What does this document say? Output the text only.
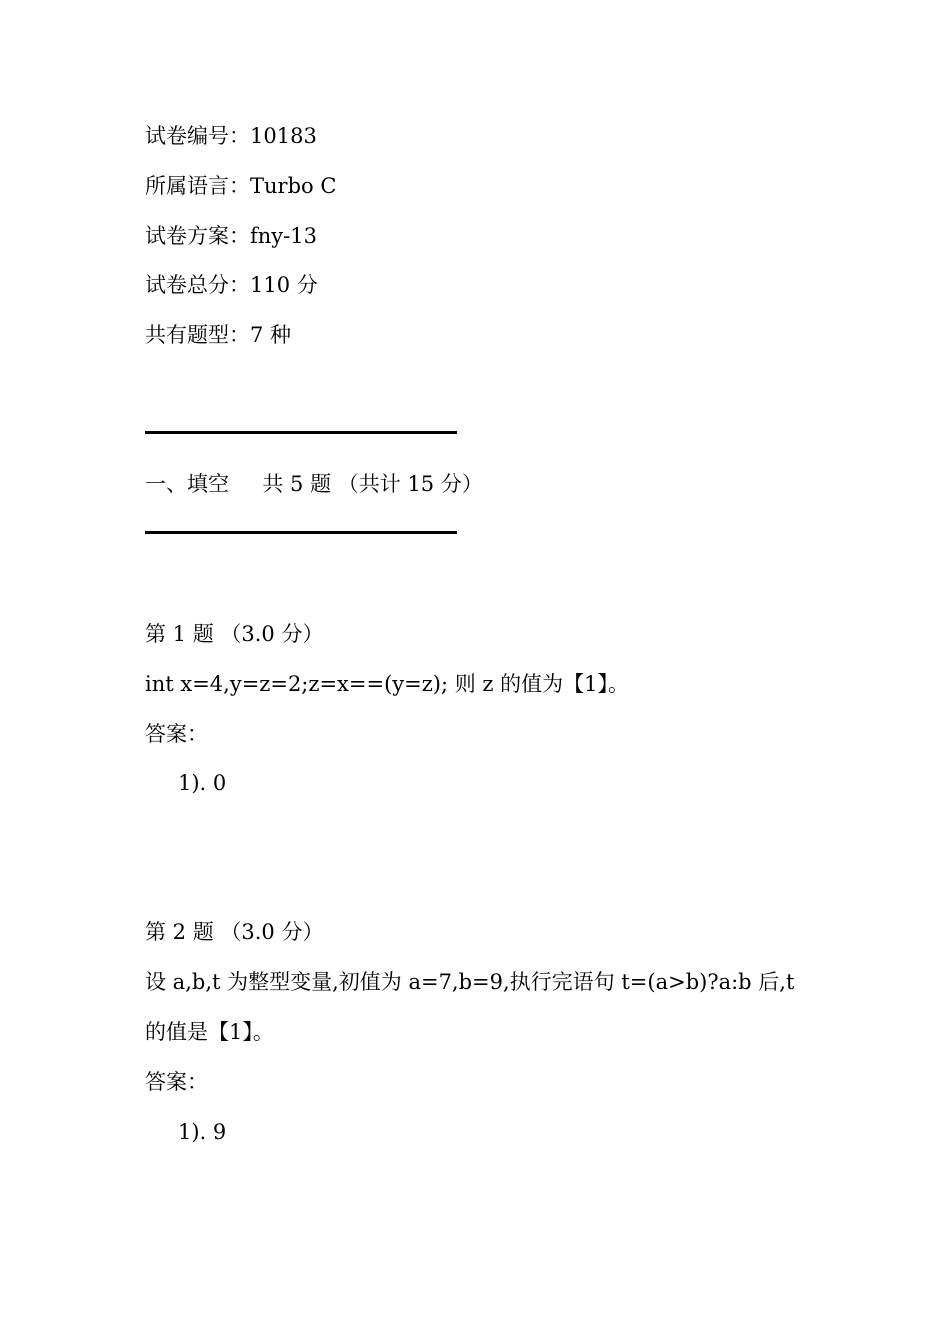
试卷编号：10183
所属语言：Turbo C
试卷方案：fny-13
试卷总分：110 分
共有题型：7 种
一、填空     共 5 题 （共计 15 分）
第 1 题 （3.0 分）
int x=4,y=z=2;z=x==(y=z); 则 z 的值为【1】。
答案：
1). 0
第 2 题 （3.0 分）
设 a,b,t 为整型变量,初值为 a=7,b=9,执行完语句 t=(a>b)?a:b 后,t 的值是【1】。
答案：
1). 9
